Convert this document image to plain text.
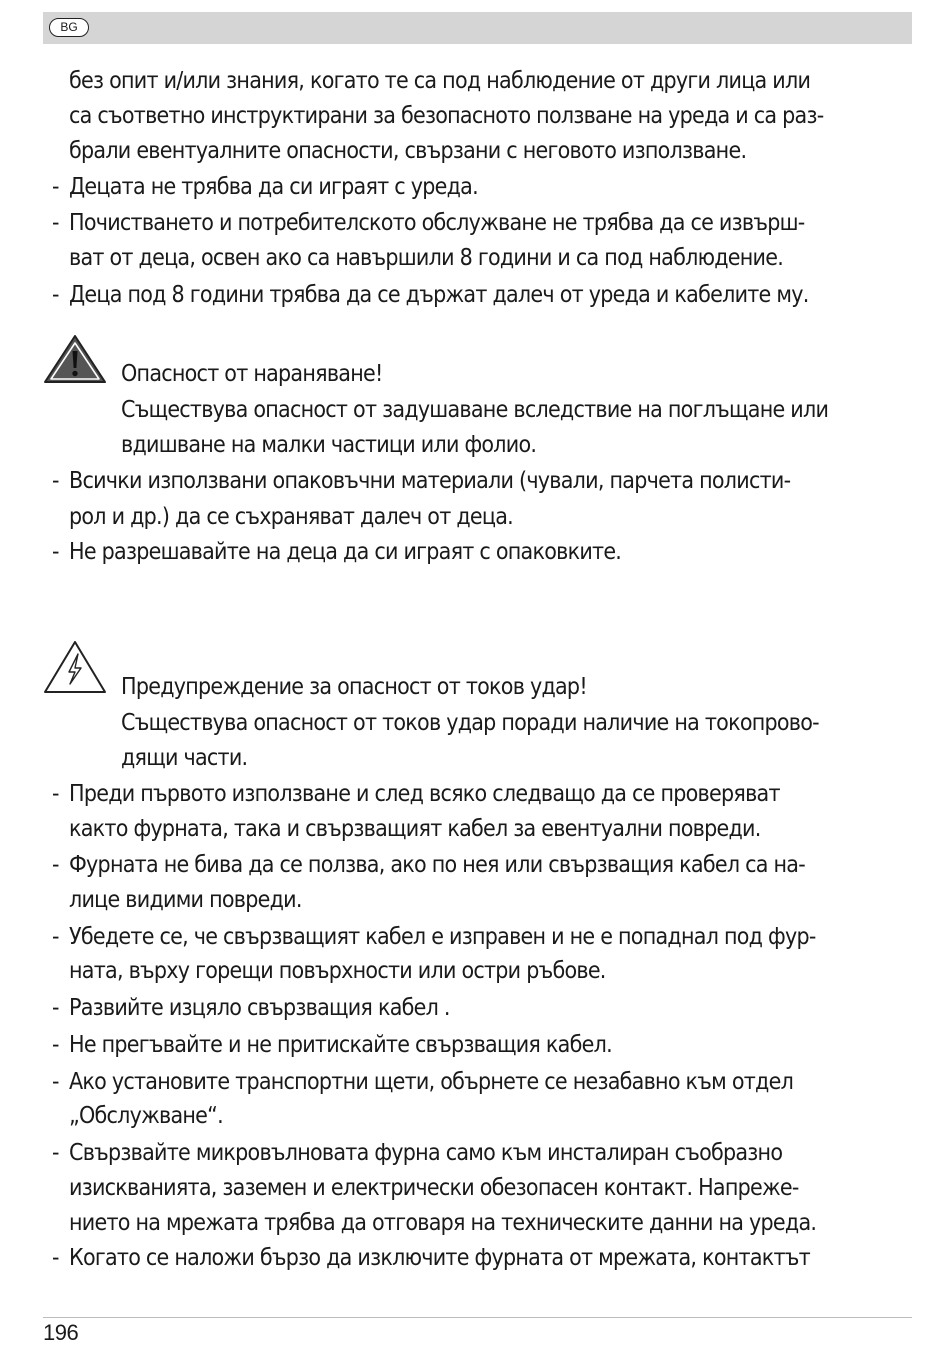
BG
без опит и/или знания, когато те са под наблюдение от други лица или
са съответно инструктирани за безопасното ползване на уреда и са раз-
брали евентуалните опасности, свързани с неговото използване.
- Децата не трябва да си играят с уреда.
- Почистването и потребителското обслужване не трябва да се извърш-
ват от деца, освен ако са навършили 8 години и са под наблюдение.
- Деца под 8 години трябва да се държат далеч от уреда и кабелите му.
Опасност от нараняване!
Съществува опасност от задушаване вследствие на поглъщане или
вдишване на малки частици или фолио.
- Всички използвани опаковъчни материали (чували, парчета полисти-
рол и др.) да се съхраняват далеч от деца.
- Не разрешавайте на деца да си играят с опаковките.
Предупреждение за опасност от токов удар!
Съществува опасност от токов удар поради наличие на токопрово-
дящи части.
- Преди първото използване и след всяко следващо да се проверяват
както фурната, така и свързващият кабел за евентуални повреди.
- Фурната не бива да се ползва, ако по нея или свързващия кабел са на-
лице видими повреди.
- Убедете се, че свързващият кабел е изправен и не е попаднал под фур-
ната, върху горещи повърхности или остри ръбове.
- Развийте изцяло свързващия кабел .
- Не прегъвайте и не притискайте свързващия кабел.
- Ако установите транспортни щети, обърнете се незабавно към отдел
„Обслужване“.
- Свързвайте микровълновата фурна само към инсталиран съобразно
изискванията, заземен и електрически обезопасен контакт. Напреже-
нието на мрежата трябва да отговаря на техническите данни на уреда.
- Когато се наложи бързо да изключите фурната от мрежата, контактът
196
